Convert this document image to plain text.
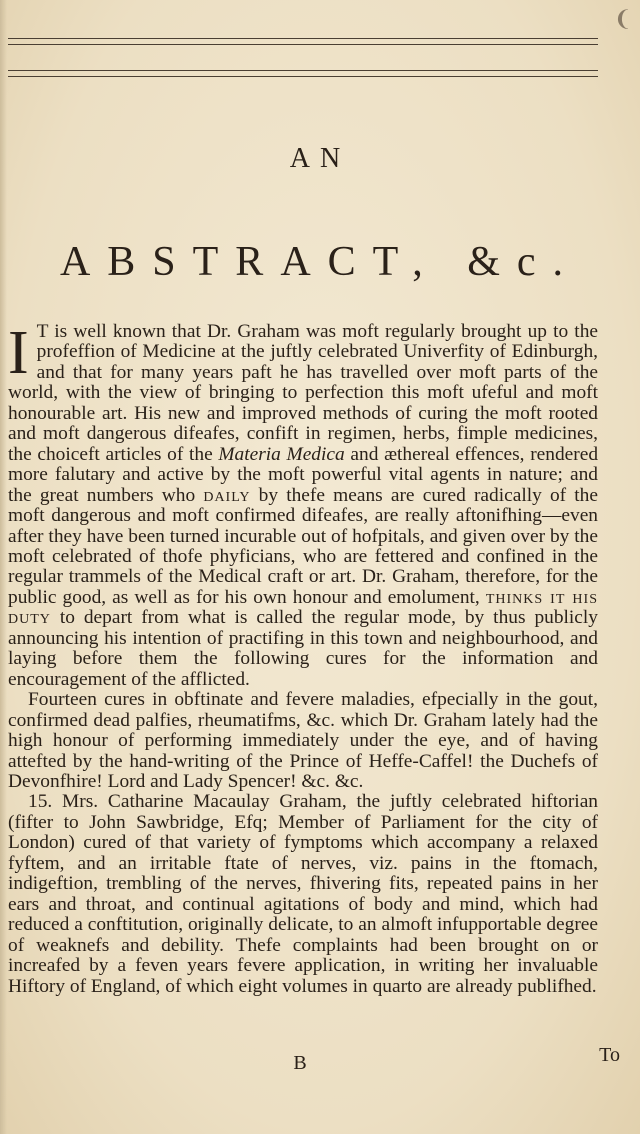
❨
AN
ABSTRACT, &c.

I T is well known that Dr. Graham was moft regularly brought up to the profeffion of Medicine at the juftly celebrated Univerfity of Edinburgh, and that for many years paft he has travelled over moft parts of the world, with the view of bringing to perfection this moft ufeful and moft honourable art. His new and improved methods of curing the moft rooted and moft dangerous difeafes, confift in regimen, herbs, fimple medicines, the choiceft articles of the Materia Medica and æthereal effences, rendered more falutary and active by the moft powerful vital agents in nature; and the great numbers who daily by thefe means are cured radically of the moft dangerous and moft confirmed difeafes, are really aftonifhing—even after they have been turned incurable out of hofpitals, and given over by the moft celebrated of thofe phyficians, who are fettered and confined in the regular trammels of the Medical craft or art. Dr. Graham, therefore, for the public good, as well as for his own honour and emolument, thinks it his duty to depart from what is called the regular mode, by thus publicly announcing his intention of practifing in this town and neighbourhood, and laying before them the following cures for the information and encouragement of the afflicted.

Fourteen cures in obftinate and fevere maladies, efpecially in the gout, confirmed dead palfies, rheumatifms, &c. which Dr. Graham lately had the high honour of performing immediately under the eye, and of having attefted by the hand-writing of the Prince of Heffe-Caffel! the Duchefs of Devonfhire! Lord and Lady Spencer! &c. &c.

15. Mrs. Catharine Macaulay Graham, the juftly celebrated hiftorian (fifter to John Sawbridge, Efq; Member of Parliament for the city of London) cured of that variety of fymptoms which accompany a relaxed fyftem, and an irritable ftate of nerves, viz. pains in the ftomach, indigeftion, trembling of the nerves, fhivering fits, repeated pains in her ears and throat, and continual agitations of body and mind, which had reduced a conftitution, originally delicate, to an almoft infupportable degree of weaknefs and debility. Thefe complaints had been brought on or increafed by a feven years fevere application, in writing her invaluable Hiftory of England, of which eight volumes in quarto are already publifhed.

B	To
